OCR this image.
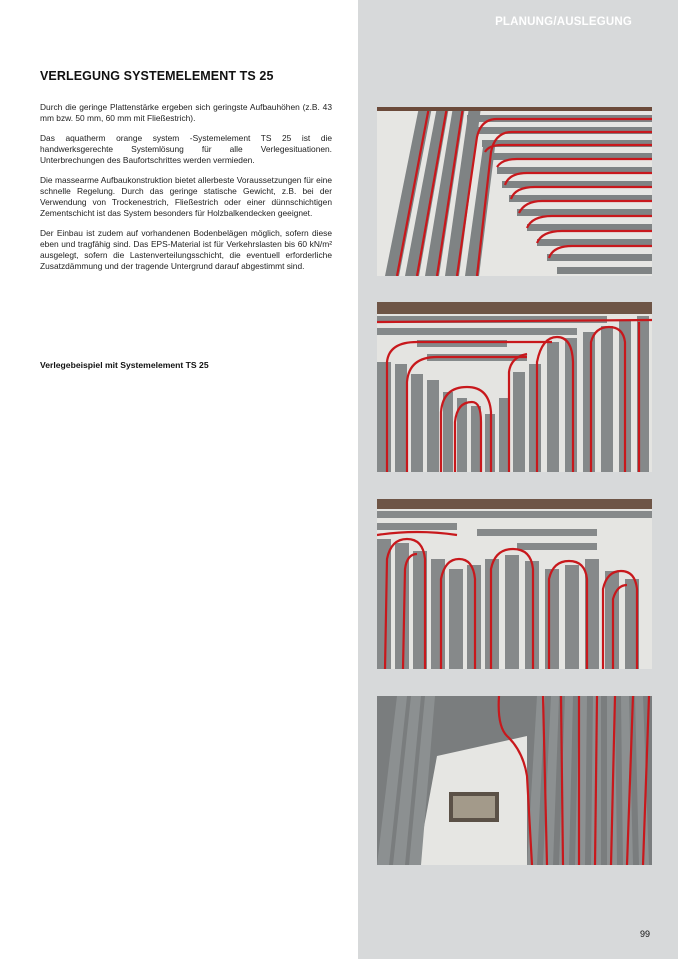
PLANUNG/AUSLEGUNG
VERLEGUNG SYSTEMELEMENT TS 25

Durch die geringe Plattenstärke ergeben sich geringste Aufbauhöhen (z.B. 43 mm bzw. 50 mm, 60 mm mit Fließestrich).

Das aquatherm orange system -Systemelement TS 25 ist die handwerksgerechte Systemlösung für alle Verlegesituationen. Unterbrechungen des Baufortschrittes werden vermieden.

Die massearme Aufbaukonstruktion bietet allerbeste Voraussetzungen für eine schnelle Regelung. Durch das geringe statische Gewicht, z.B. bei der Verwendung von Trockenestrich, Fließestrich oder einer dünnschichtigen Zementschicht ist das System besonders für Holzbalkendecken geeignet.

Der Einbau ist zudem auf vorhandenen Bodenbelägen möglich, sofern diese eben und tragfähig sind. Das EPS-Material ist für Verkehrslasten bis 60 kN/m² ausgelegt, sofern die Lastenverteilungsschicht, die eventuell erforderliche Zusatzdämmung und der tragende Untergrund darauf abgestimmt sind.

Verlegebeispiel mit Systemelement TS 25
99
